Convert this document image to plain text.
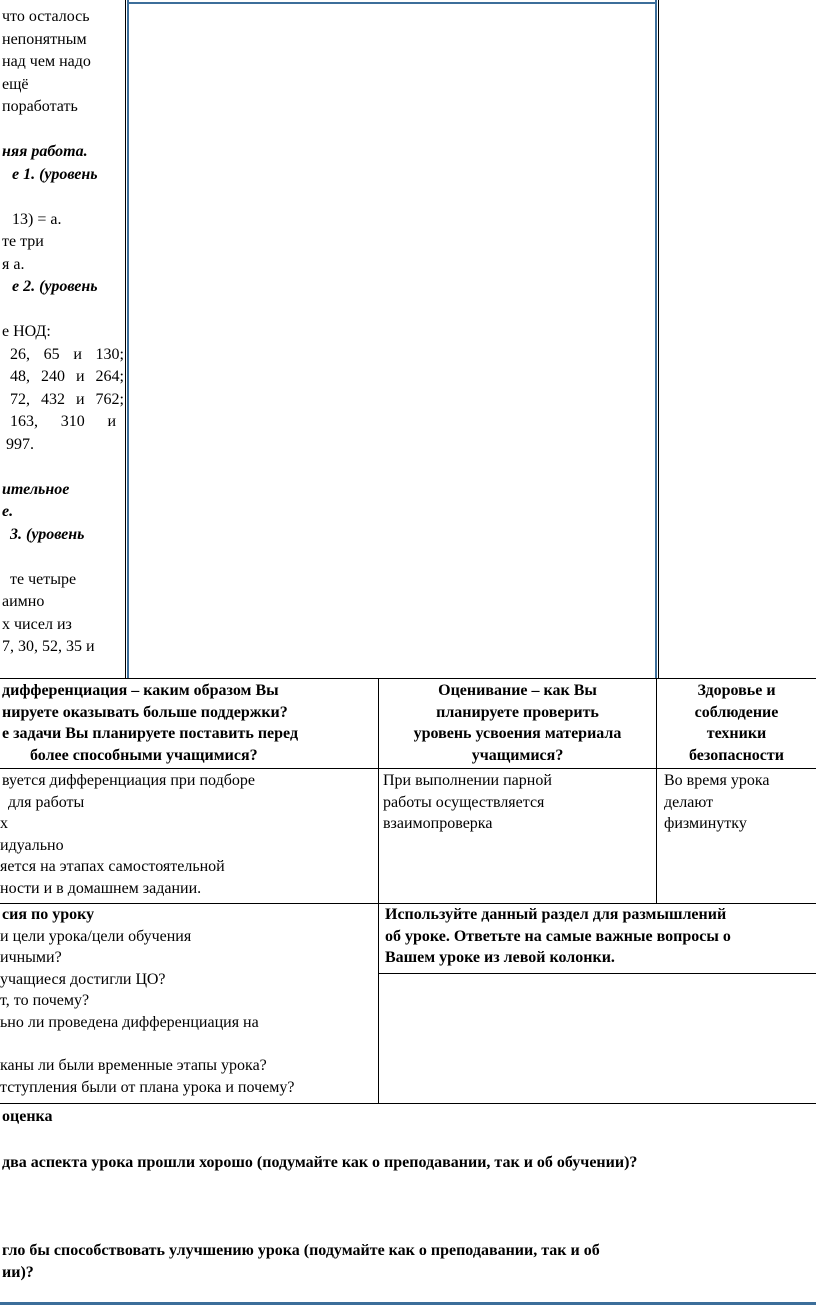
что осталось
непонятным
над чем надо
ещё
поработать
няя работа.
е 1. (уровень
13) = а.
те три
я а.
е 2. (уровень
е НОД:
26, 65 и 130;
48, 240 и 264;
72, 432 и 762;
163, 310 и
997.
ительное
е.
3. (уровень
те четыре
аимно
х чисел из
7, 30, 52, 35 и
дифференциация – каким образом Вы
нируете оказывать больше поддержки?
е задачи Вы планируете поставить перед
более способными учащимися?
Оценивание – как Вы
планируете проверить
уровень усвоения материала
учащимися?
Здоровье и
соблюдение
техники
безопасности
вуется дифференциация при подборе
для работы
х
идуально
яется на этапах самостоятельной
ности и в домашнем задании.
При выполнении парной
работы осуществляется
взаимопроверка
Во время урока
делают
физминутку
сия по уроку
и цели урока/цели обучения
ичными?
учащиеся достигли ЦО?
т, то почему?
ьно ли проведена дифференциация на
каны ли были временные этапы урока?
тступления были от плана урока и почему?
Используйте данный раздел для размышлений
об уроке. Ответьте на самые важные вопросы о
Вашем уроке из левой колонки.
оценка
два аспекта урока прошли хорошо (подумайте как о преподавании, так и об обучении)?
гло бы способствовать улучшению урока (подумайте как о преподавании, так и об
ии)?
